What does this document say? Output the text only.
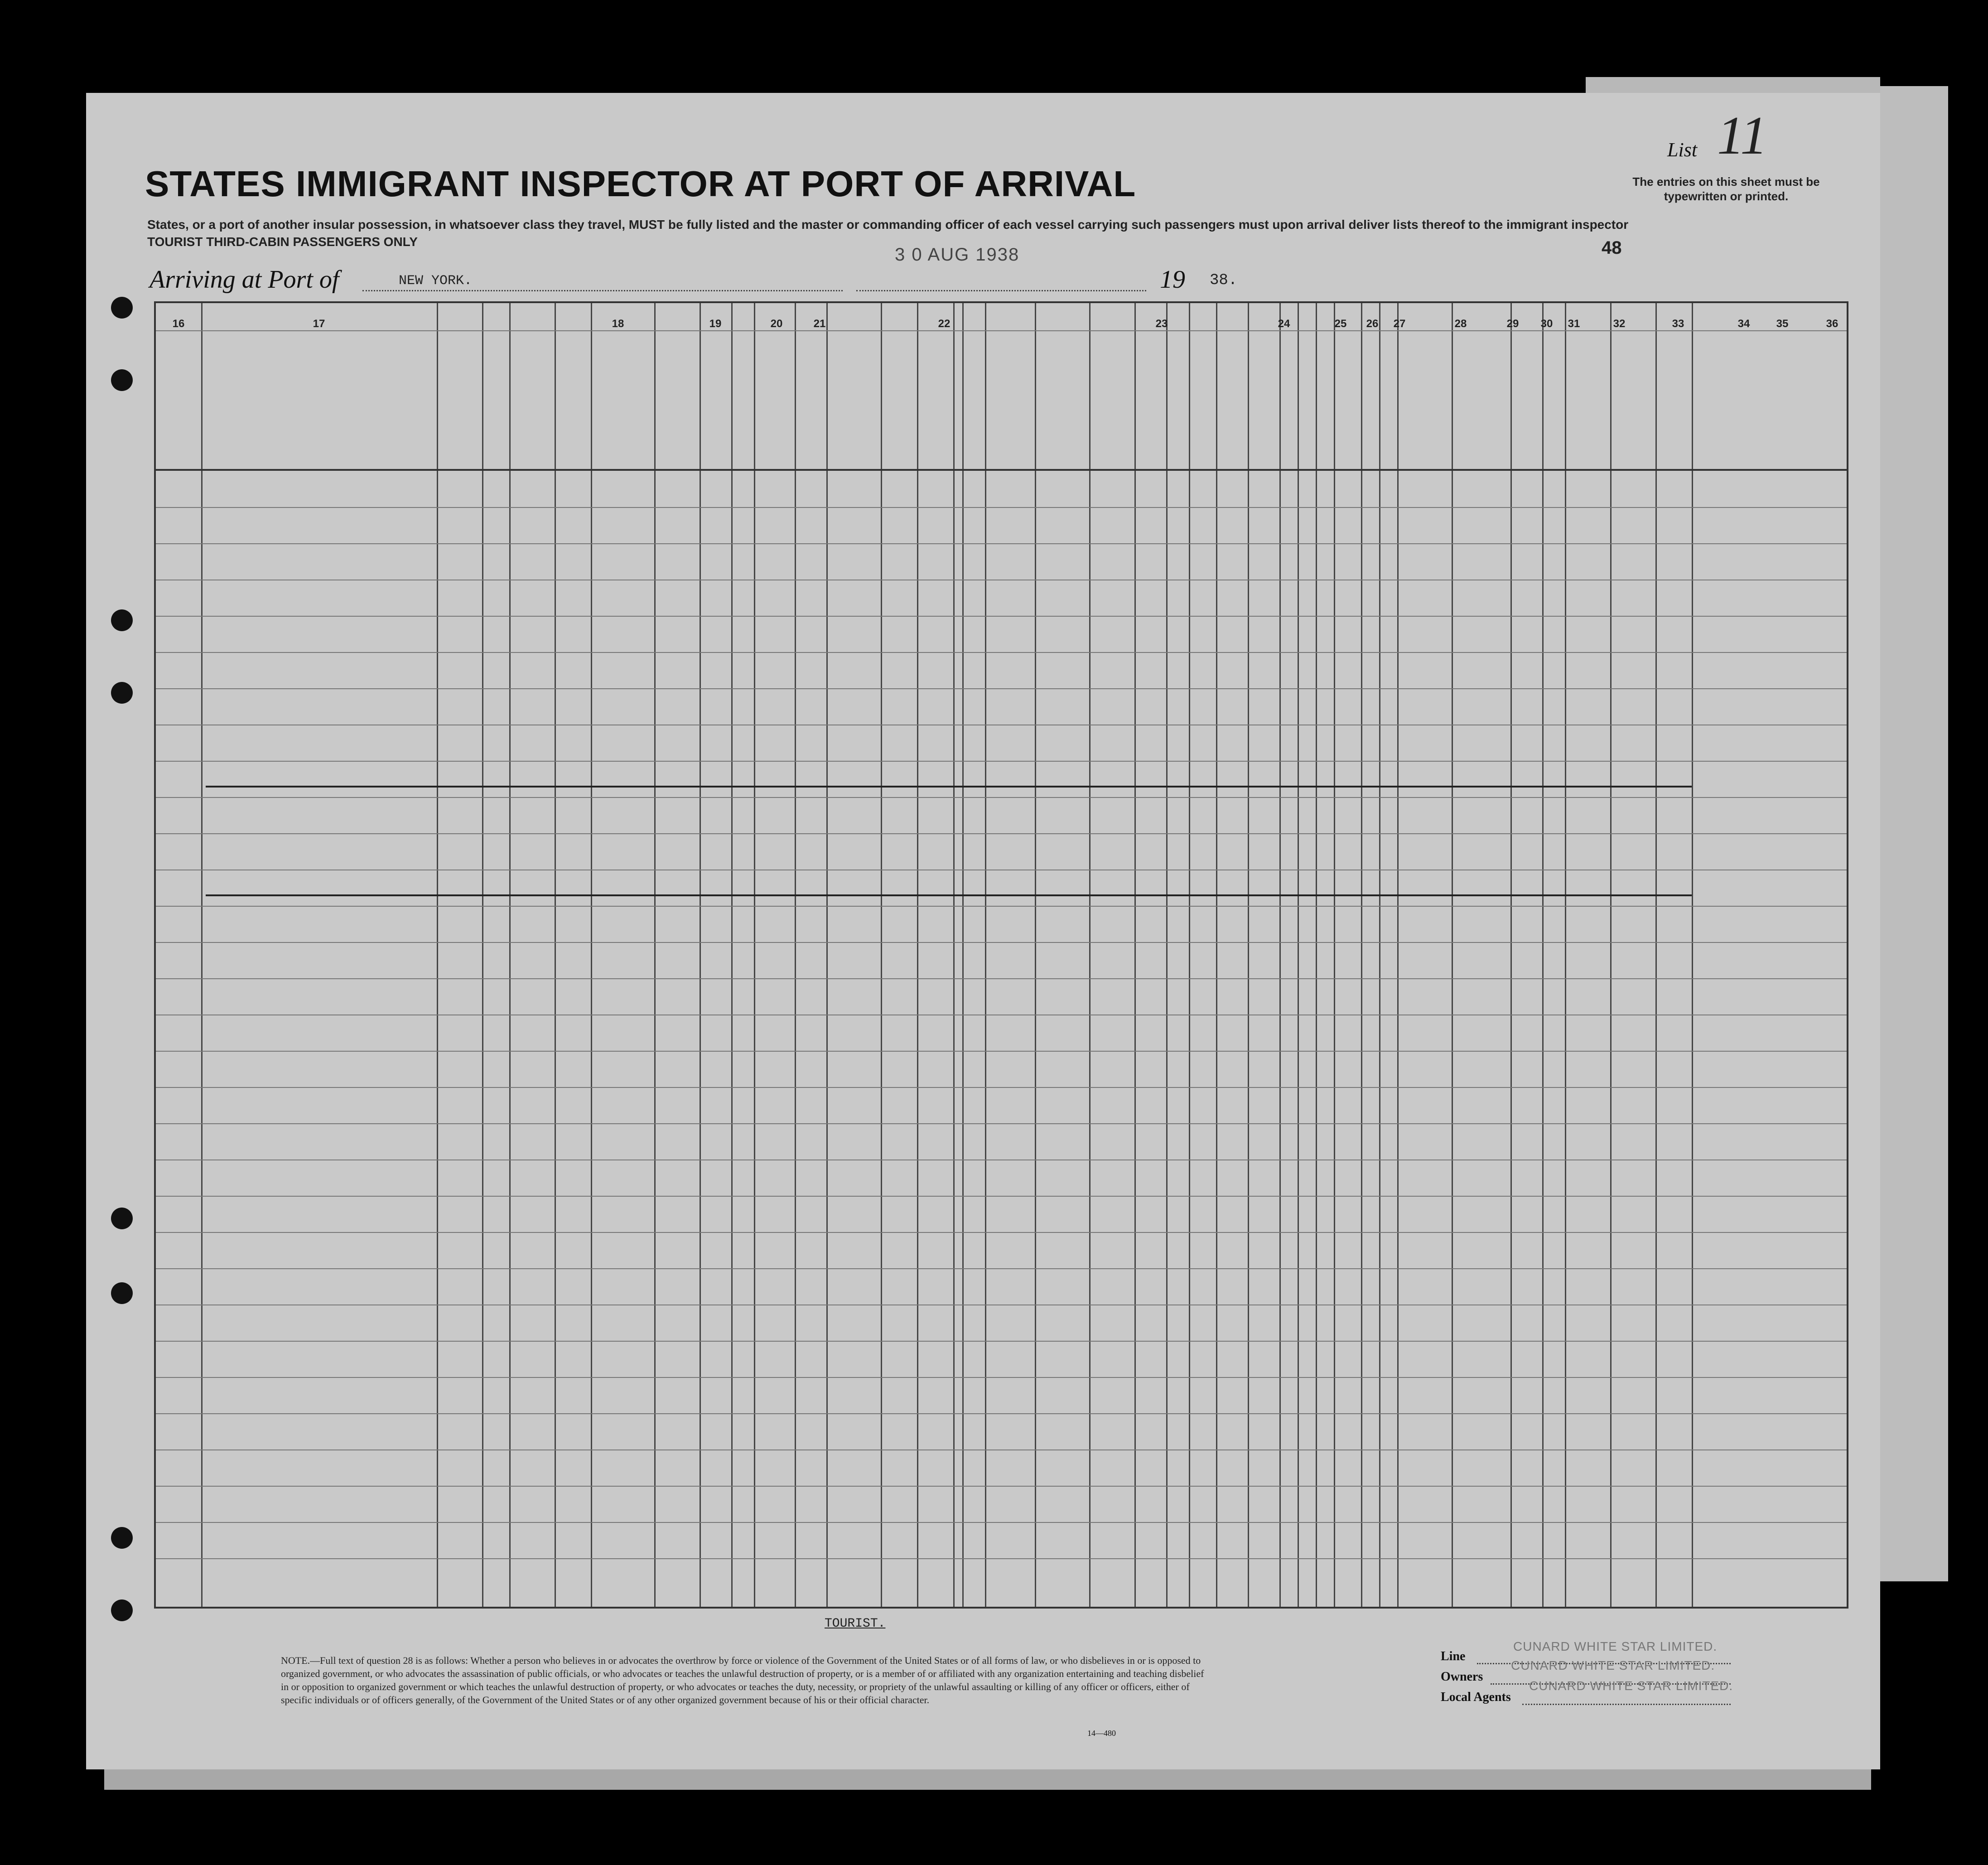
STATES IMMIGRANT INSPECTOR AT PORT OF ARRIVAL
States, or a port of another insular possession, in whatsoever class they travel, MUST be fully listed and the master or commanding officer of each vessel carrying such passengers must upon arrival deliver lists thereof to the immigrant inspector
TOURIST THIRD-CABIN PASSENGERS ONLY
Arriving at Port of	NEW YORK.
3 0 AUG 1938
19 38.
List 11
The entries on this sheet must be typewritten or printed.
48
16	17	18	19	20	21	22	23	24	25	26	27	28	29	30	31	32	33	34	35	36
TOURIST.
NOTE.—Full text of question 28 is as follows: Whether a person who believes in or advocates the overthrow by force or violence of the Government of the United States or of all forms of law, or who disbelieves in or is opposed to organized government, or who advocates the assassination of public officials, or who advocates or teaches the unlawful destruction of property, or is a member of or affiliated with any organization entertaining and teaching disbelief in or opposition to organized government or which teaches the unlawful destruction of property, or who advocates or teaches the duty, necessity, or propriety of the unlawful assaulting or killing of any officer or officers, either of specific individuals or of officers generally, of the Government of the United States or of any other organized government because of his or their official character.
14—480
Line
CUNARD WHITE STAR LIMITED.
Owners
CUNARD WHITE STAR LIMITED.
Local Agents
CUNARD WHITE STAR LIMITED.
